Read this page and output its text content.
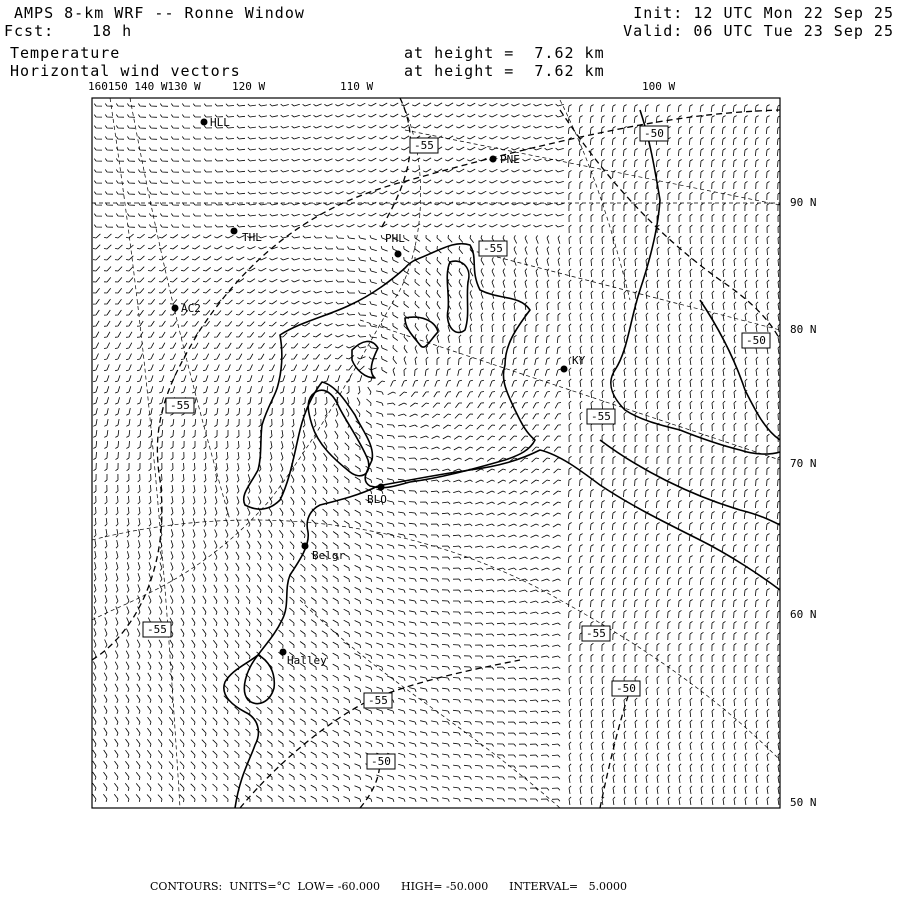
AMPS 8-km WRF -- Ronne Window
Fcst:	18 h
Init: 12 UTC Mon 22 Sep 25
Valid: 06 UTC Tue 23 Sep 25
Temperature	at height =  7.62 km
Horizontal wind vectors	at height =  7.62 km
160150 140 W130 W	120 W	110 W	100 W
90 N
80 N
70 N
60 N
50 N
HLL
PNE
PHL
THL
AC2
KY
BLO
Belgr
Halley
-50
-55
-55
-50
-55
-55
-55	-55
-50
-55
-50
CONTOURS:  UNITS=°C  LOW= -60.000      HIGH= -50.000      INTERVAL=   5.0000
